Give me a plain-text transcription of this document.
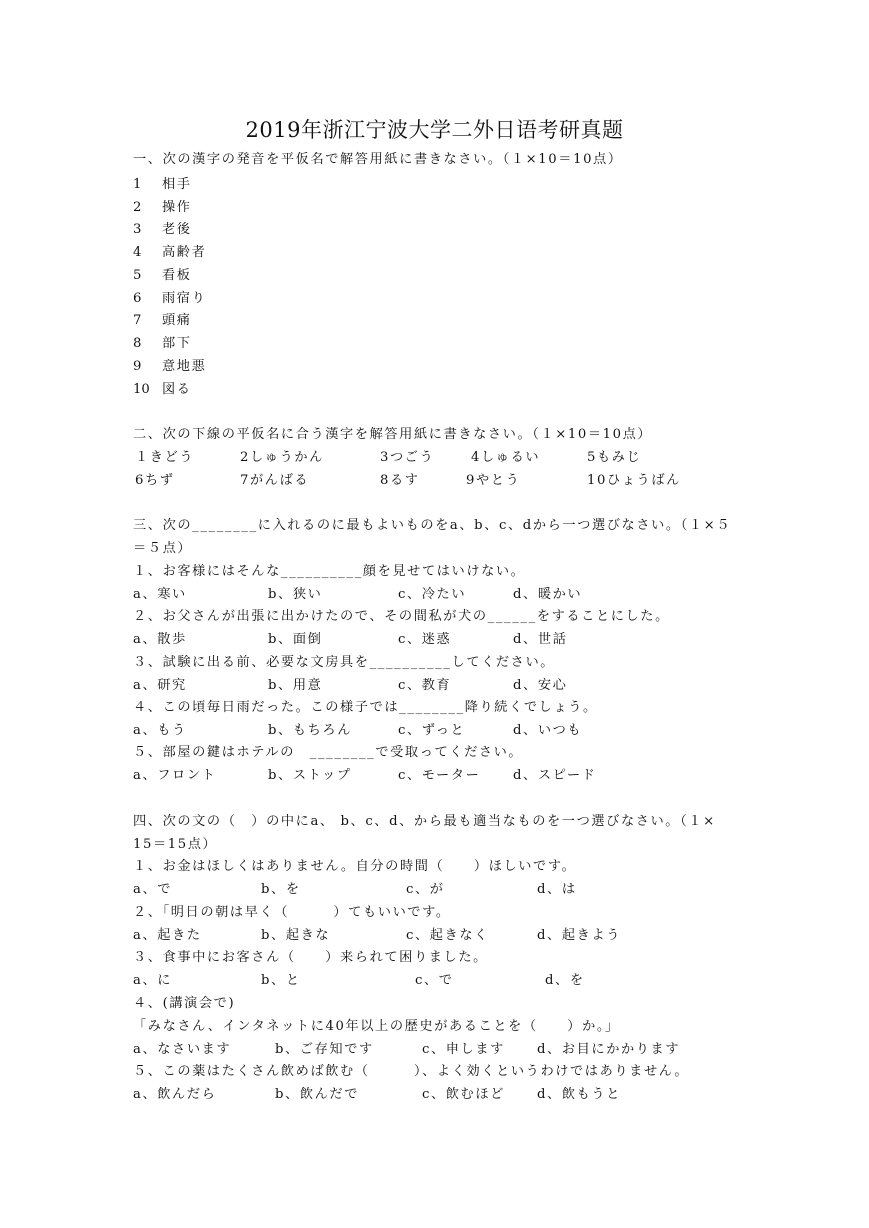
2019年浙江宁波大学二外日语考研真题
一、次の漢字の発音を平仮名で解答用紙に書きなさい。（１×10＝10点）
1 相手
2 操作
3 老後
4 高齢者
5 看板
6 雨宿り
7 頭痛
8 部下
9 意地悪
10 図る
二、次の下線の平仮名に合う漢字を解答用紙に書きなさい。（１×10＝10点）
１きどう	2しゅうかん	3つごう	4しゅるい	5もみじ
6ちず	7がんばる	8るす	9やとう	10ひょうばん
三、次の________に入れるのに最もよいものをa、b、c、dから一つ選びなさい。（１×５
＝５点）
１、お客様にはそんな__________顔を見せてはいけない。
a、寒い	b、狭い	c、冷たい	d、暖かい
２、お父さんが出張に出かけたので、その間私が犬の______をすることにした。
a、散歩	b、面倒	c、迷惑	d、世話
３、試験に出る前、必要な文房具を__________してください。
a、研究	b、用意	c、教育	d、安心
４、この頃毎日雨だった。この様子では________降り続くでしょう。
a、もう	b、もちろん	c、ずっと	d、いつも
５、部屋の鍵はホテルの　________で受取ってください。
a、フロント	b、ストップ	c、モーター d、スピード
四、次の文の（　）の中にa、 b、c、d、から最も適当なものを一つ選びなさい。（１×
15＝15点）
１、お金はほしくはありません。自分の時間（　　）ほしいです。
a、で	b、を	c、が	d、は
２、｢明日の朝は早く（　　　）てもいいです。
a、起きた	b、起きな	c、起きなく	d、起きよう
３、食事中にお客さん（　　）来られて困りました。
a、に	b、と	c、で	d、を
４、(講演会で)
「みなさん、インタネットに40年以上の歴史があることを（　　）か。」
a、なさいます	b、ご存知です	c、申します d、お目にかかります
５、この薬はたくさん飲めば飲む（　　　）、よく効くというわけではありません。
a、飲んだら	b、飲んだで	c、飲むほど d、飲もうと
